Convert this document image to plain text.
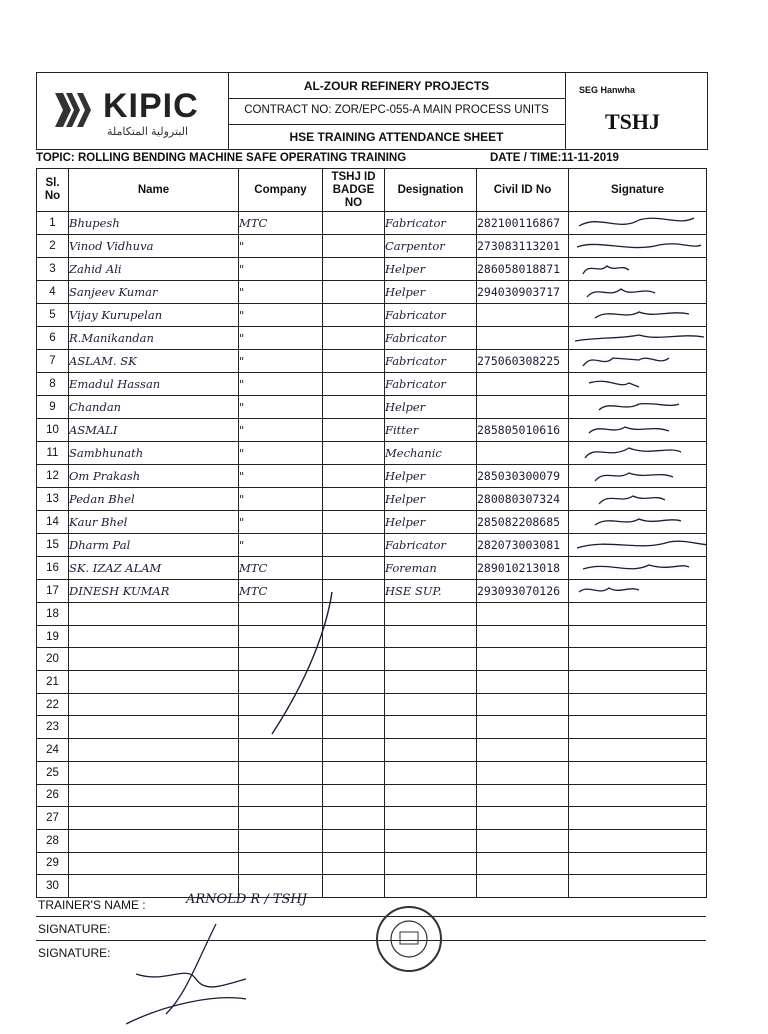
KIPIC
البترولية المتكاملة
AL-ZOUR REFINERY PROJECTS
CONTRACT NO: ZOR/EPC-055-A MAIN PROCESS UNITS
HSE TRAINING ATTENDANCE SHEET
SEG Hanwha
TSHJ
TOPIC: ROLLING BENDING MACHINE SAFE OPERATING TRAINING	DATE / TIME:11-11-2019
Sl. No	Name	Company	TSHJ ID BADGE NO	Designation	Civil ID No	Signature
1	Bhupesh	MTC		Fabricator	282100116867	

2	Vinod Vidhuva	"		Carpentor	273083113201	

3	Zahid Ali	"		Helper	286058018871	

4	Sanjeev Kumar	"		Helper	294030903717	

5	Vijay Kurupelan	"		Fabricator		

6	R.Manikandan	"		Fabricator		

7	ASLAM. SK	"		Fabricator	275060308225	

8	Emadul Hassan	"		Fabricator		

9	Chandan	"		Helper		

10	ASMALI	"		Fitter	285805010616	

11	Sambhunath	"		Mechanic		

12	Om Prakash	"		Helper	285030300079	

13	Pedan Bhel	"		Helper	280080307324	

14	Kaur Bhel	"		Helper	285082208685	

15	Dharm Pal	"		Fabricator	282073003081	

16	SK. IZAZ ALAM	MTC		Foreman	289010213018	

17	DINESH KUMAR	MTC		HSE SUP.	293093070126	

18						
19						
20						
21						
22						
23						
24						
25						
26						
27						
28						
29						
30						
TRAINER'S NAME :	ARNOLD R / TSHJ
SIGNATURE:
SIGNATURE:
